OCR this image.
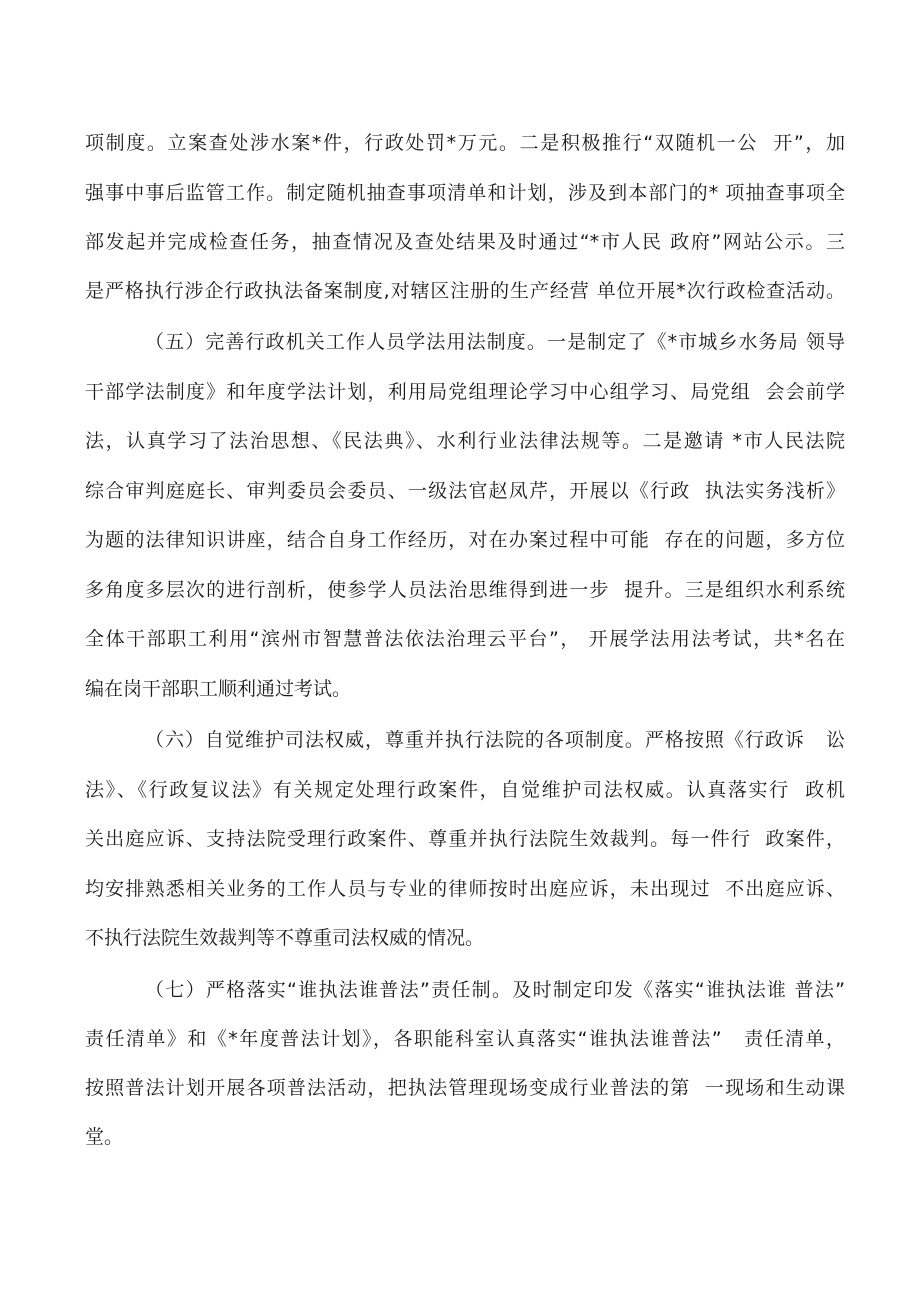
项制度。立案查处涉水案*件，行政处罚*万元。二是积极推行“双随机一公  开”，加
强事中事后监管工作。制定随机抽查事项清单和计划，涉及到本部门的* 项抽查事项全
部发起并完成检查任务，抽查情况及查处结果及时通过“*市人民 政府”网站公示。三
是严格执行涉企行政执法备案制度,对辖区注册的生产经营 单位开展*次行政检查活动。
（五）完善行政机关工作人员学法用法制度。一是制定了《*市城乡水务局 领导
干部学法制度》和年度学法计划，利用局党组理论学习中心组学习、局党组  会会前学
法，认真学习了法治思想、《民法典》、水利行业法律法规等。二是邀请 *市人民法院
综合审判庭庭长、审判委员会委员、一级法官赵凤芹，开展以《行政  执法实务浅析》
为题的法律知识讲座，结合自身工作经历，对在办案过程中可能  存在的问题，多方位
多角度多层次的进行剖析，使参学人员法治思维得到进一步  提升。三是组织水利系统
全体干部职工利用“滨州市智慧普法依法治理云平台”， 开展学法用法考试，共*名在
编在岗干部职工顺利通过考试。
（六）自觉维护司法权威，尊重并执行法院的各项制度。严格按照《行政诉   讼
法》、《行政复议法》有关规定处理行政案件，自觉维护司法权威。认真落实行  政机
关出庭应诉、支持法院受理行政案件、尊重并执行法院生效裁判。每一件行  政案件，
均安排熟悉相关业务的工作人员与专业的律师按时出庭应诉，未出现过  不出庭应诉、
不执行法院生效裁判等不尊重司法权威的情况。
（七）严格落实“谁执法谁普法”责任制。及时制定印发《落实“谁执法谁 普法”
责任清单》和《*年度普法计划》，各职能科室认真落实“谁执法谁普法”   责任清单，
按照普法计划开展各项普法活动，把执法管理现场变成行业普法的第  一现场和生动课
堂。
